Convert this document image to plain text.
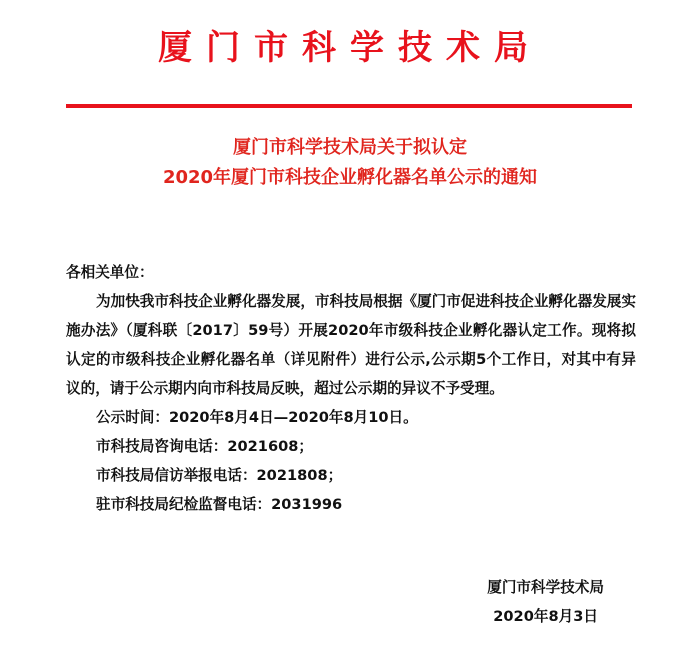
厦门市科学技术局
厦门市科学技术局关于拟认定
2020年厦门市科技企业孵化器名单公示的通知

各相关单位：

为加快我市科技企业孵化器发展，市科技局根据《厦门市促进科技企业孵化器发展实施办法》（厦科联〔2017〕59号）开展2020年市级科技企业孵化器认定工作。现将拟认定的市级科技企业孵化器名单（详见附件）进行公示,公示期5个工作日，对其中有异议的，请于公示期内向市科技局反映，超过公示期的异议不予受理。

公示时间：2020年8月4日—2020年8月10日。

市科技局咨询电话：2021608；

市科技局信访举报电话：2021808；

驻市科技局纪检监督电话：2031996

厦门市科学技术局
2020年8月3日
